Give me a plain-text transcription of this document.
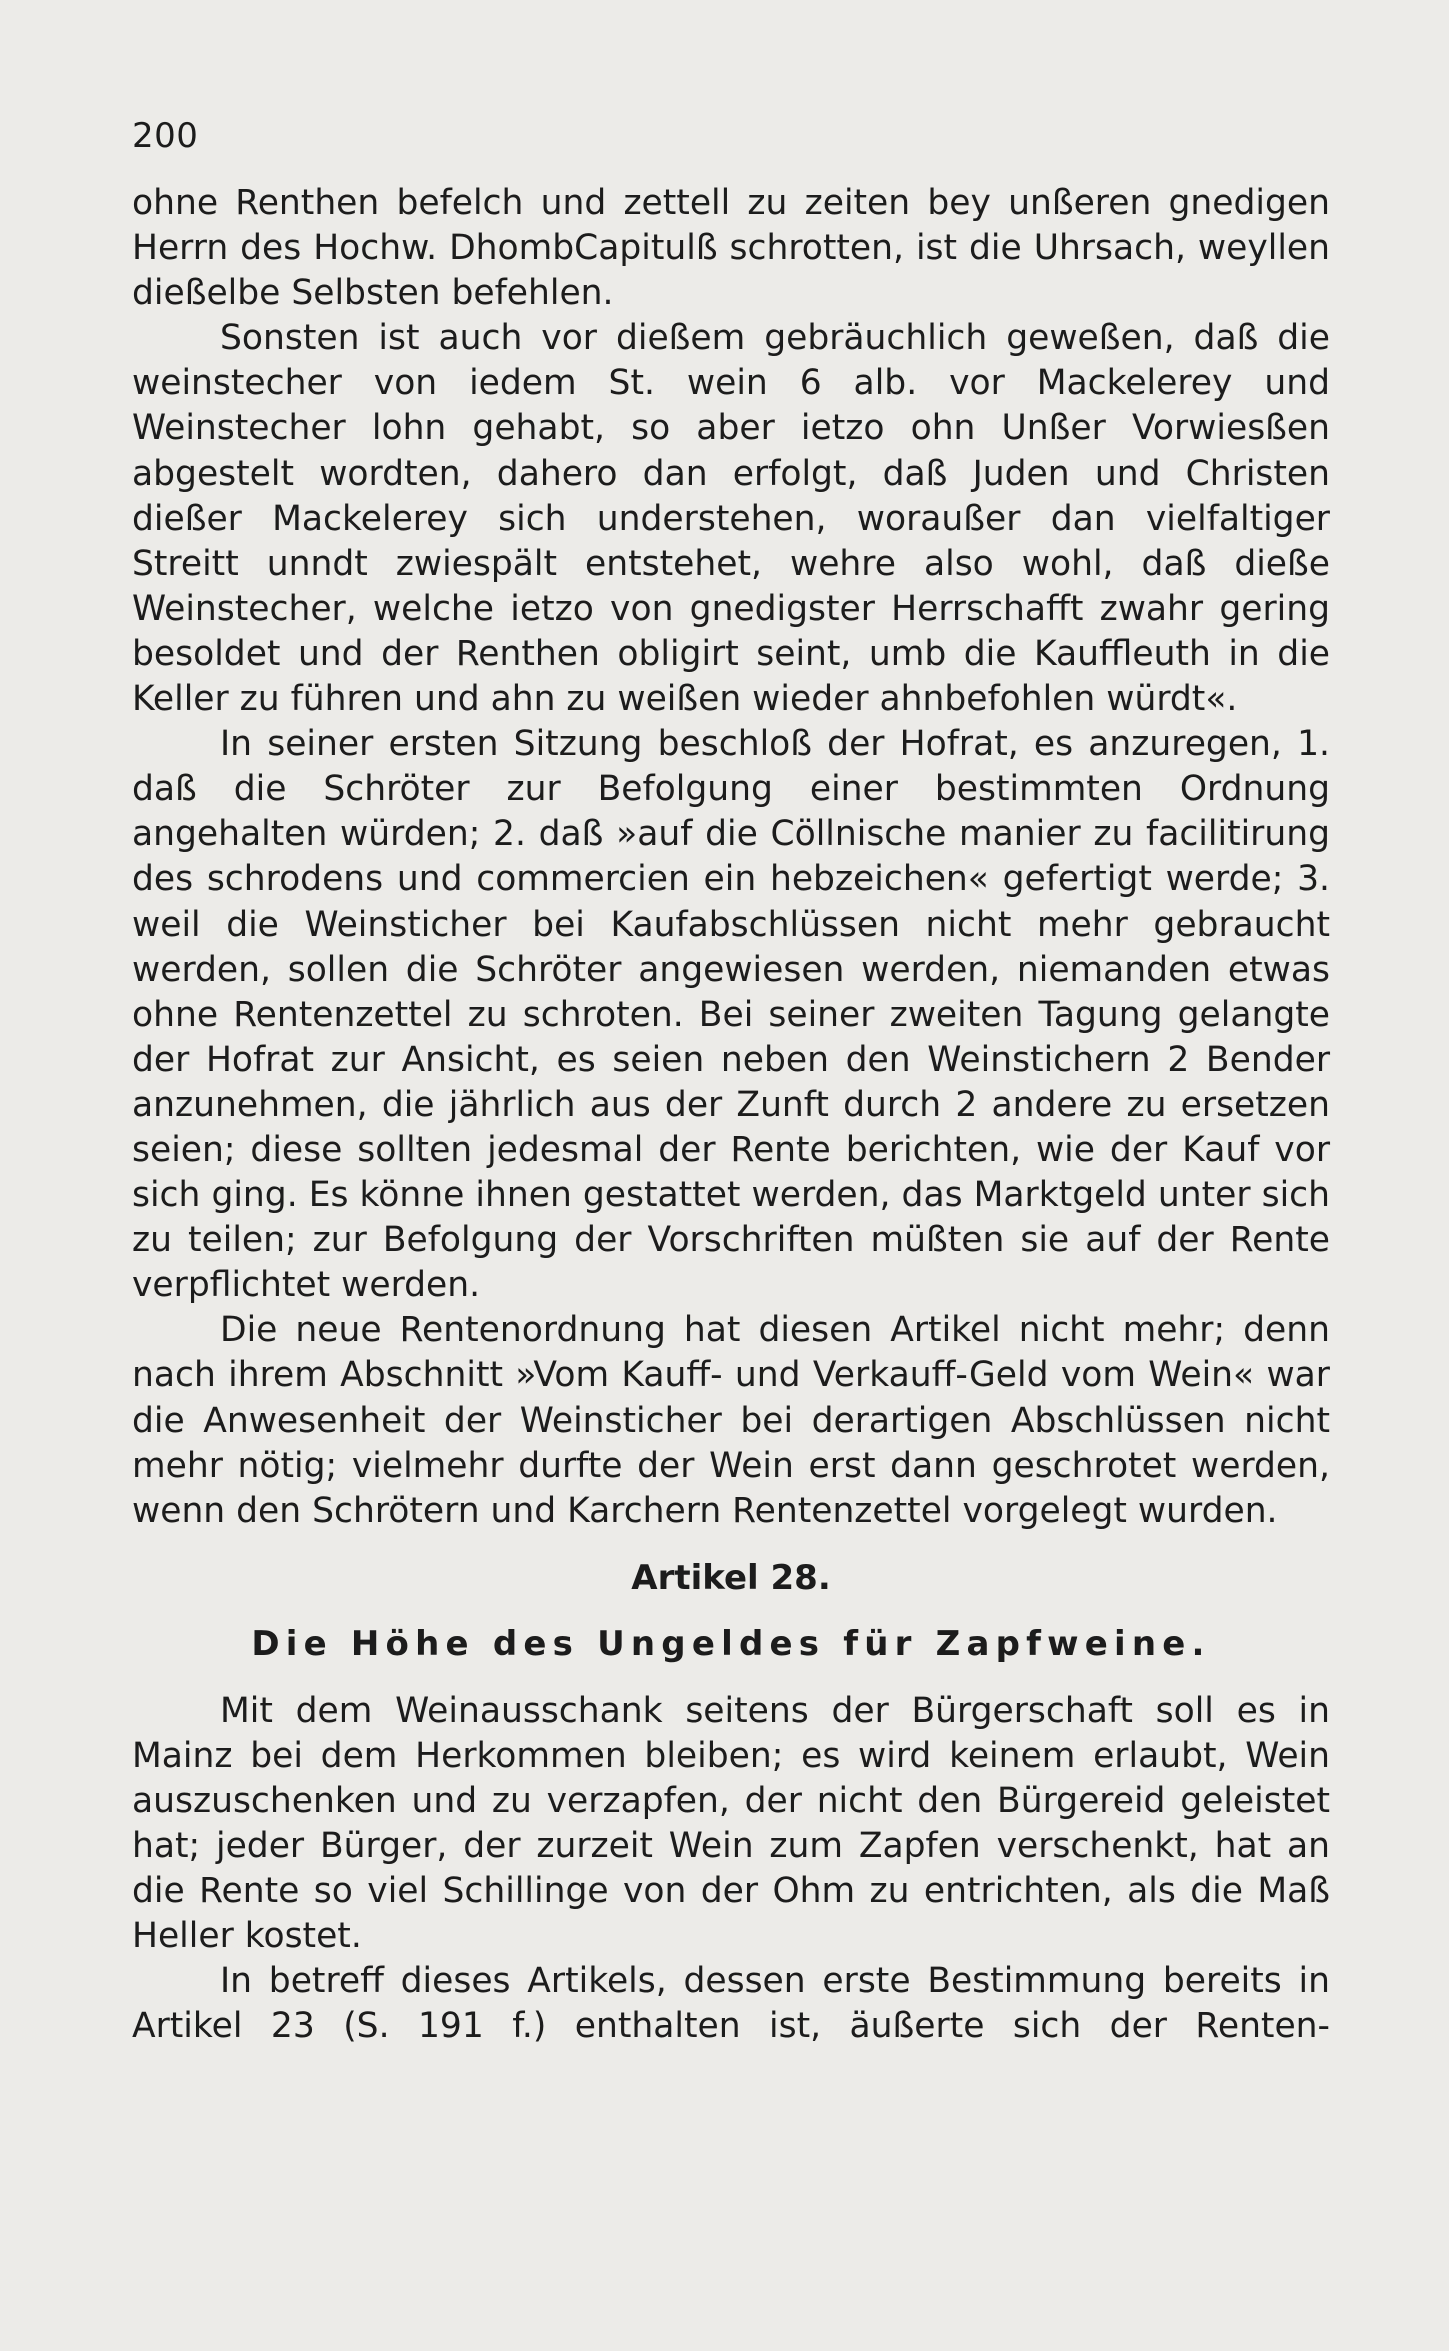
200

ohne Renthen befelch und zettell zu zeiten bey unßeren gnedigen Herrn des Hochw. DhombCapitulß schrotten, ist die Uhrsach, weyllen dießelbe Selbsten befehlen.

Sonsten ist auch vor dießem gebräuchlich geweßen, daß die weinstecher von iedem St. wein 6 alb. vor Mackelerey und Weinstecher lohn gehabt, so aber ietzo ohn Unßer Vorwiesßen abgestelt wordten, dahero dan erfolgt, daß Juden und Christen dießer Mackelerey sich understehen, woraußer dan vielfaltiger Streitt unndt zwiespält entstehet, wehre also wohl, daß dieße Weinstecher, welche ietzo von gnedigster Herrschafft zwahr gering besoldet und der Renthen obligirt seint, umb die Kauffleuth in die Keller zu führen und ahn zu weißen wieder ahnbefohlen würdt«.

In seiner ersten Sitzung beschloß der Hofrat, es anzuregen, 1. daß die Schröter zur Befolgung einer bestimmten Ordnung angehalten würden; 2. daß »auf die Cöllnische manier zu facilitirung des schrodens und commercien ein hebzeichen« gefertigt werde; 3. weil die Weinsticher bei Kaufabschlüssen nicht mehr gebraucht werden, sollen die Schröter angewiesen werden, niemanden etwas ohne Rentenzettel zu schroten. Bei seiner zweiten Tagung gelangte der Hofrat zur Ansicht, es seien neben den Weinstichern 2 Bender anzunehmen, die jährlich aus der Zunft durch 2 andere zu ersetzen seien; diese sollten jedesmal der Rente berichten, wie der Kauf vor sich ging. Es könne ihnen gestattet werden, das Marktgeld unter sich zu teilen; zur Befolgung der Vorschriften müßten sie auf der Rente verpflichtet werden.

Die neue Rentenordnung hat diesen Artikel nicht mehr; denn nach ihrem Abschnitt »Vom Kauff- und Verkauff-Geld vom Wein« war die Anwesenheit der Weinsticher bei derartigen Abschlüssen nicht mehr nötig; vielmehr durfte der Wein erst dann geschrotet werden, wenn den Schrötern und Karchern Rentenzettel vorgelegt wurden.

Artikel 28.
Die Höhe des Ungeldes für Zapfweine.

Mit dem Weinausschank seitens der Bürgerschaft soll es in Mainz bei dem Herkommen bleiben; es wird keinem erlaubt, Wein auszuschenken und zu verzapfen, der nicht den Bürgereid geleistet hat; jeder Bürger, der zurzeit Wein zum Zapfen verschenkt, hat an die Rente so viel Schillinge von der Ohm zu entrichten, als die Maß Heller kostet.

In betreff dieses Artikels, dessen erste Bestimmung bereits in Artikel 23 (S. 191 f.) enthalten ist, äußerte sich der Renten-
